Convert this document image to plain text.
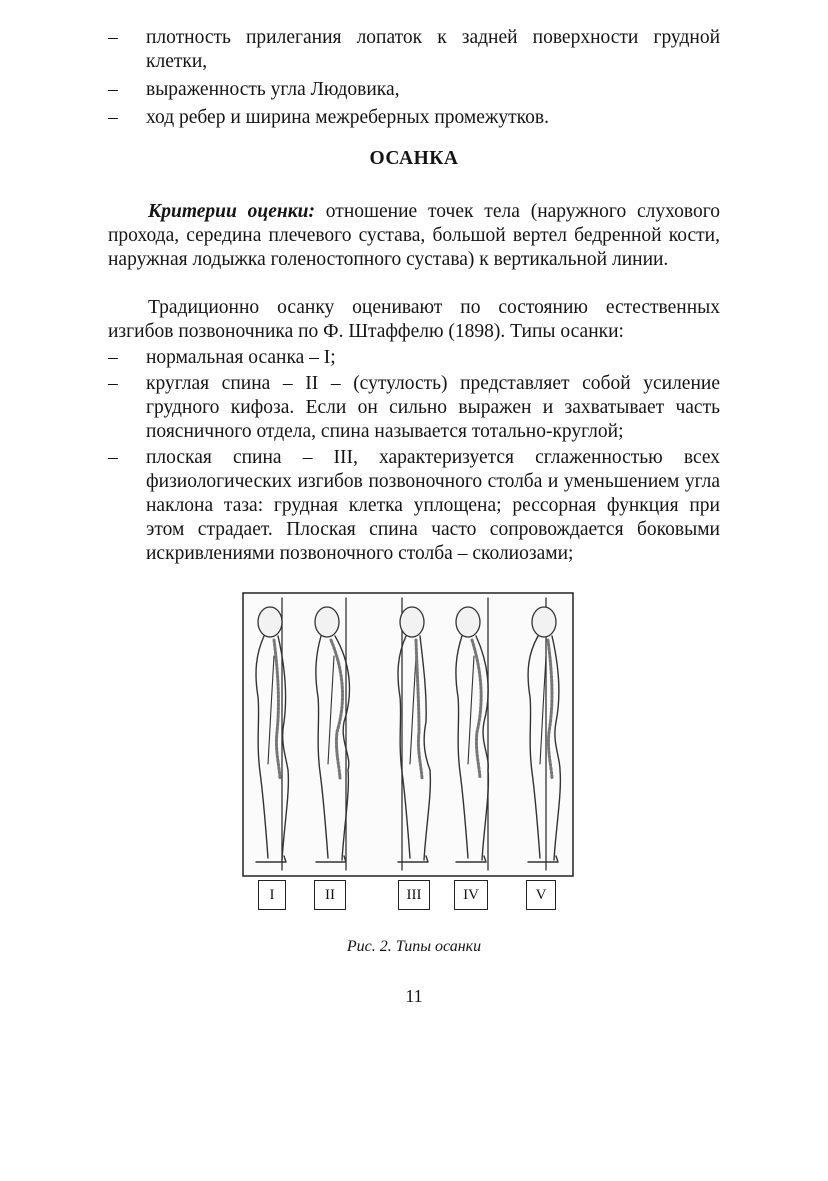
– плотность прилегания лопаток к задней поверхности грудной клетки,
– выраженность угла Людовика,
– ход ребер и ширина межреберных промежутков.
ОСАНКА
Критерии оценки: отношение точек тела (наружного слухового прохода, середина плечевого сустава, большой вертел бедренной кости, наружная лодыжка голеностопного сустава) к вертикальной линии.
Традиционно осанку оценивают по состоянию естественных изгибов позвоночника по Ф. Штаффелю (1898). Типы осанки:
– нормальная осанка – I;
– круглая спина – II – (сутулость) представляет собой усиление грудного кифоза. Если он сильно выражен и захватывает часть поясничного отдела, спина называется тотально-круглой;
– плоская спина – III, характеризуется сглаженностью всех физиологических изгибов позвоночного столба и уменьшением угла наклона таза: грудная клетка уплощена; рессорная функция при этом страдает. Плоская спина часто сопровождается боковыми искривлениями позвоночного столба – сколиозами;
I	II	III	IV	V
Рис. 2. Типы осанки
11
